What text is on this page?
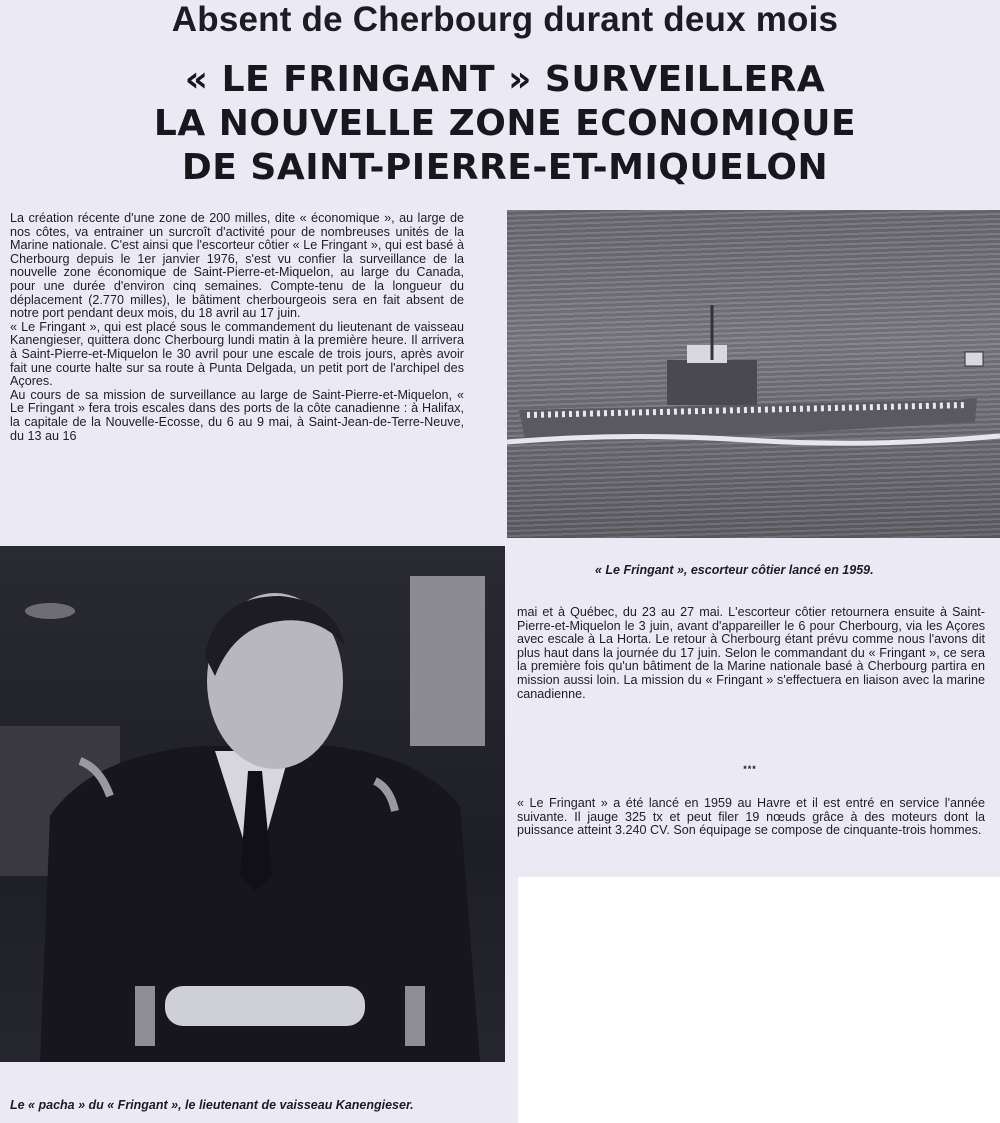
Absent de Cherbourg durant deux mois
« LE FRINGANT » SURVEILLERA
LA NOUVELLE ZONE ECONOMIQUE
DE SAINT-PIERRE-ET-MIQUELON

La création récente d'une zone de 200 milles, dite « économique », au large de nos côtes, va entrainer un surcroît d'activité pour de nombreuses unités de la Marine nationale. C'est ainsi que l'escorteur côtier « Le Fringant », qui est basé à Cherbourg depuis le 1er janvier 1976, s'est vu confier la surveillance de la nouvelle zone économique de Saint-Pierre-et-Miquelon, au large du Canada, pour une durée d'environ cinq semaines. Compte-tenu de la longueur du déplacement (2.770 milles), le bâtiment cherbourgeois sera en fait absent de notre port pendant deux mois, du 18 avril au 17 juin.

« Le Fringant », qui est placé sous le commandement du lieutenant de vaisseau Kanengieser, quittera donc Cherbourg lundi matin à la première heure. Il arrivera à Saint-Pierre-et-Miquelon le 30 avril pour une escale de trois jours, après avoir fait une courte halte sur sa route à Punta Delgada, un petit port de l'archipel des Açores.

Au cours de sa mission de surveillance au large de Saint-Pierre-et-Miquelon, « Le Fringant » fera trois escales dans des ports de la côte canadienne : à Halifax, la capitale de la Nouvelle-Ecosse, du 6 au 9 mai, à Saint-Jean-de-Terre-Neuve, du 13 au 16

« Le Fringant », escorteur côtier lancé en 1959.

mai et à Québec, du 23 au 27 mai. L'escorteur côtier retournera ensuite à Saint-Pierre-et-Miquelon le 3 juin, avant d'appareiller le 6 pour Cherbourg, via les Açores avec escale à La Horta. Le retour à Cherbourg étant prévu comme nous l'avons dit plus haut dans la journée du 17 juin. Selon le commandant du « Fringant », ce sera la première fois qu'un bâtiment de la Marine nationale basé à Cherbourg partira en mission aussi loin. La mission du « Fringant » s'effectuera en liaison avec la marine canadienne.

***

« Le Fringant » a été lancé en 1959 au Havre et il est entré en service l'année suivante. Il jauge 325 tx et peut filer 19 nœuds grâce à des moteurs dont la puissance atteint 3.240 CV. Son équipage se compose de cinquante-trois hommes.

Le « pacha » du « Fringant », le lieutenant de vaisseau Kanengieser.
